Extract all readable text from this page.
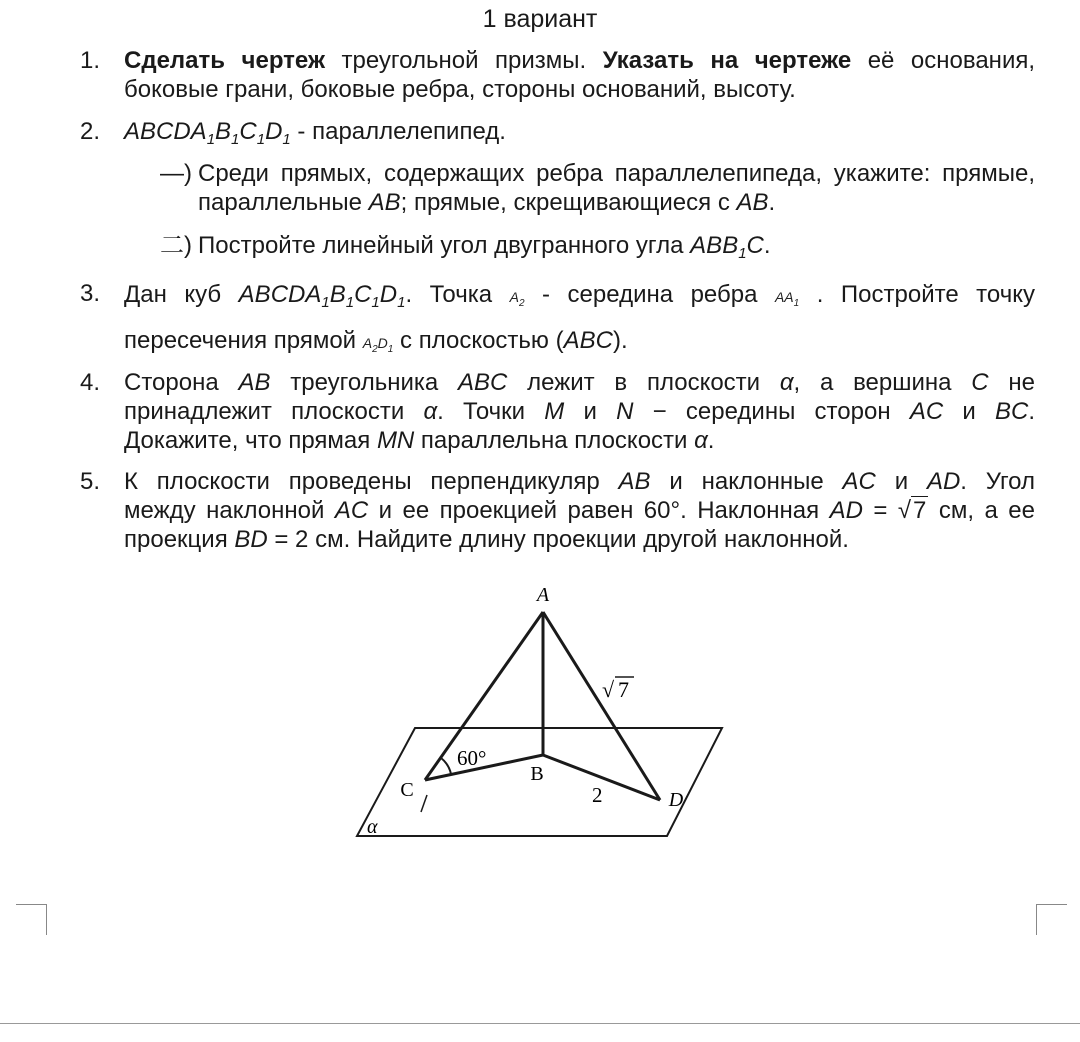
1 вариант
1. Сделать чертеж треугольной призмы. Указать на чертеже её основания, боковые грани, боковые ребра, стороны оснований, высоту.
2. $ABCDA_1B_1C_1D_1$ - параллелепипед.
—) Среди прямых, содержащих ребра параллелепипеда, укажите: прямые, параллельные AB; прямые, скрещивающиеся с AB.
二) Постройте линейный угол двугранного угла $ABB_1C$.
3. Дан куб $ABCDA_1B_1C_1D_1$. Точка $A_2$ - середина ребра $AA_1$ . Постройте точку
пересечения прямой $A_2D_1$ с плоскостью (ABC).
4. Сторона AB треугольника ABC лежит в плоскости α, а вершина C не
принадлежит плоскости α. Точки M и N − середины сторон AC и BC.
Докажите, что прямая MN параллельна плоскости α.
5. К плоскости проведены перпендикуляр AB и наклонные AC и AD. Угол
между наклонной AC и ее проекцией равен 60°. Наклонная AD = √7 см, а ее
проекция BD = 2 см. Найдите длину проекции другой наклонной.
A
B
C	D
α
60°
√ 7
2
